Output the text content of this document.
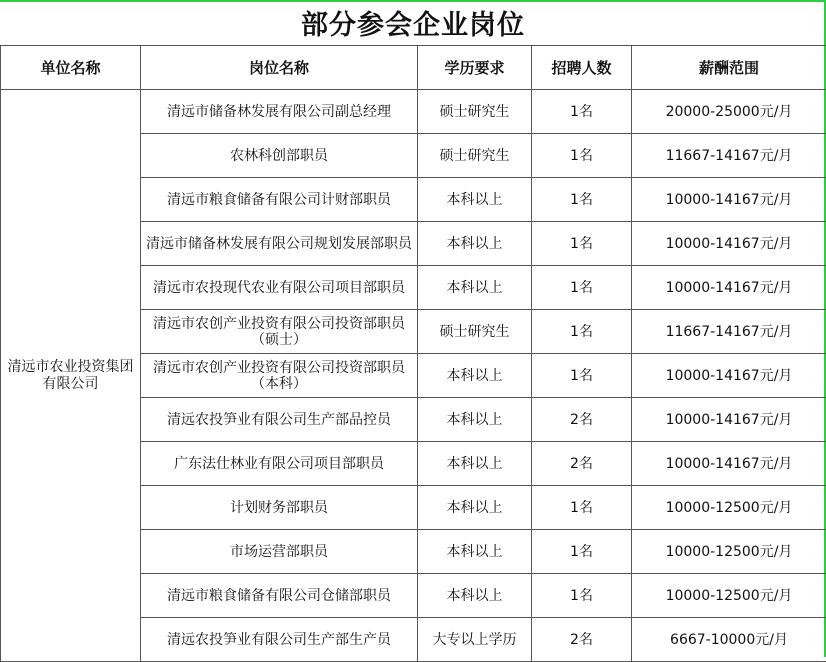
部分参会企业岗位
单位名称	岗位名称	学历要求	招聘人数	薪酬范围
清远市农业投资集团有限公司	清远市储备林发展有限公司副总经理	硕士研究生	1名	20000-25000元/月
	农林科创部职员	硕士研究生	1名	11667-14167元/月
	清远市粮食储备有限公司计财部职员	本科以上	1名	10000-14167元/月
	清远市储备林发展有限公司规划发展部职员	本科以上	1名	10000-14167元/月
	清远市农投现代农业有限公司项目部职员	本科以上	1名	10000-14167元/月
	清远市农创产业投资有限公司投资部职员（硕士）	硕士研究生	1名	11667-14167元/月
	清远市农创产业投资有限公司投资部职员（本科）	本科以上	1名	10000-14167元/月
	清远农投笋业有限公司生产部品控员	本科以上	2名	10000-14167元/月
	广东法仕林业有限公司项目部职员	本科以上	2名	10000-14167元/月
	计划财务部职员	本科以上	1名	10000-12500元/月
	市场运营部职员	本科以上	1名	10000-12500元/月
	清远市粮食储备有限公司仓储部职员	本科以上	1名	10000-12500元/月
	清远农投笋业有限公司生产部生产员	大专以上学历	2名	6667-10000元/月
